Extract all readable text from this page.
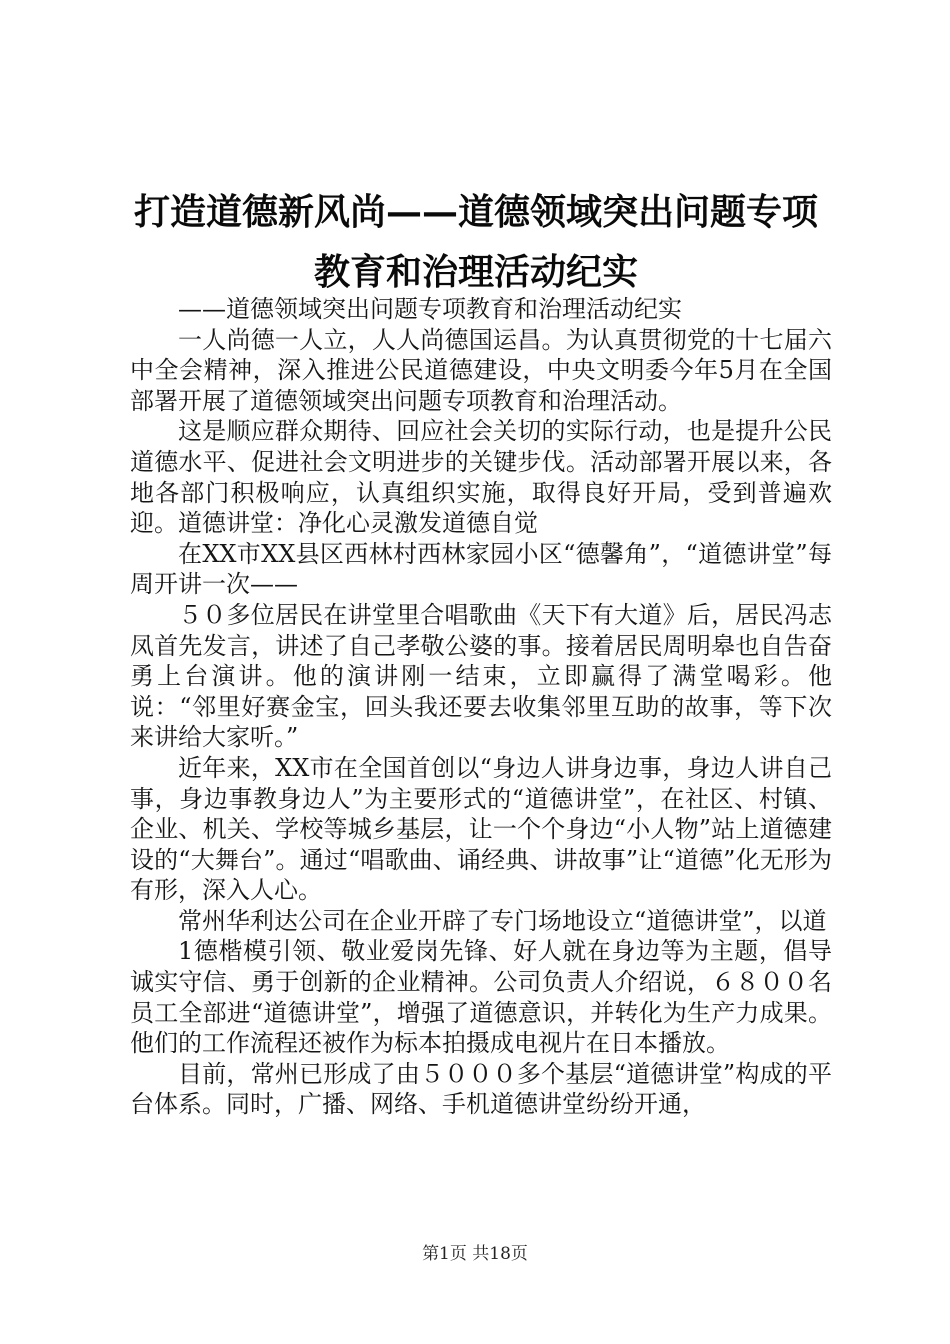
打造道德新风尚——道德领域突出问题专项教育和治理活动纪实

——道德领域突出问题专项教育和治理活动纪实

一人尚德一人立，人人尚德国运昌。为认真贯彻党的十七届六中全会精神，深入推进公民道德建设，中央文明委今年5月在全国部署开展了道德领域突出问题专项教育和治理活动。

这是顺应群众期待、回应社会关切的实际行动，也是提升公民道德水平、促进社会文明进步的关键步伐。活动部署开展以来，各地各部门积极响应，认真组织实施，取得良好开局，受到普遍欢迎。道德讲堂：净化心灵激发道德自觉

在XX市XX县区西林村西林家园小区“德馨角”，“道德讲堂”每周开讲一次——

５０多位居民在讲堂里合唱歌曲《天下有大道》后，居民冯志凤首先发言，讲述了自己孝敬公婆的事。接着居民周明皋也自告奋勇上台演讲。他的演讲刚一结束，立即赢得了满堂喝彩。他说：“邻里好赛金宝，回头我还要去收集邻里互助的故事，等下次来讲给大家听。”

近年来，XX市在全国首创以“身边人讲身边事，身边人讲自己事，身边事教身边人”为主要形式的“道德讲堂”，在社区、村镇、企业、机关、学校等城乡基层，让一个个身边“小人物”站上道德建设的“大舞台”。通过“唱歌曲、诵经典、讲故事”让“道德”化无形为有形，深入人心。

常州华利达公司在企业开辟了专门场地设立“道德讲堂”，以道

1德楷模引领、敬业爱岗先锋、好人就在身边等为主题，倡导诚实守信、勇于创新的企业精神。公司负责人介绍说，６８００名员工全部进“道德讲堂”，增强了道德意识，并转化为生产力成果。他们的工作流程还被作为标本拍摄成电视片在日本播放。

目前，常州已形成了由５０００多个基层“道德讲堂”构成的平台体系。同时，广播、网络、手机道德讲堂纷纷开通，

第1页 共18页
